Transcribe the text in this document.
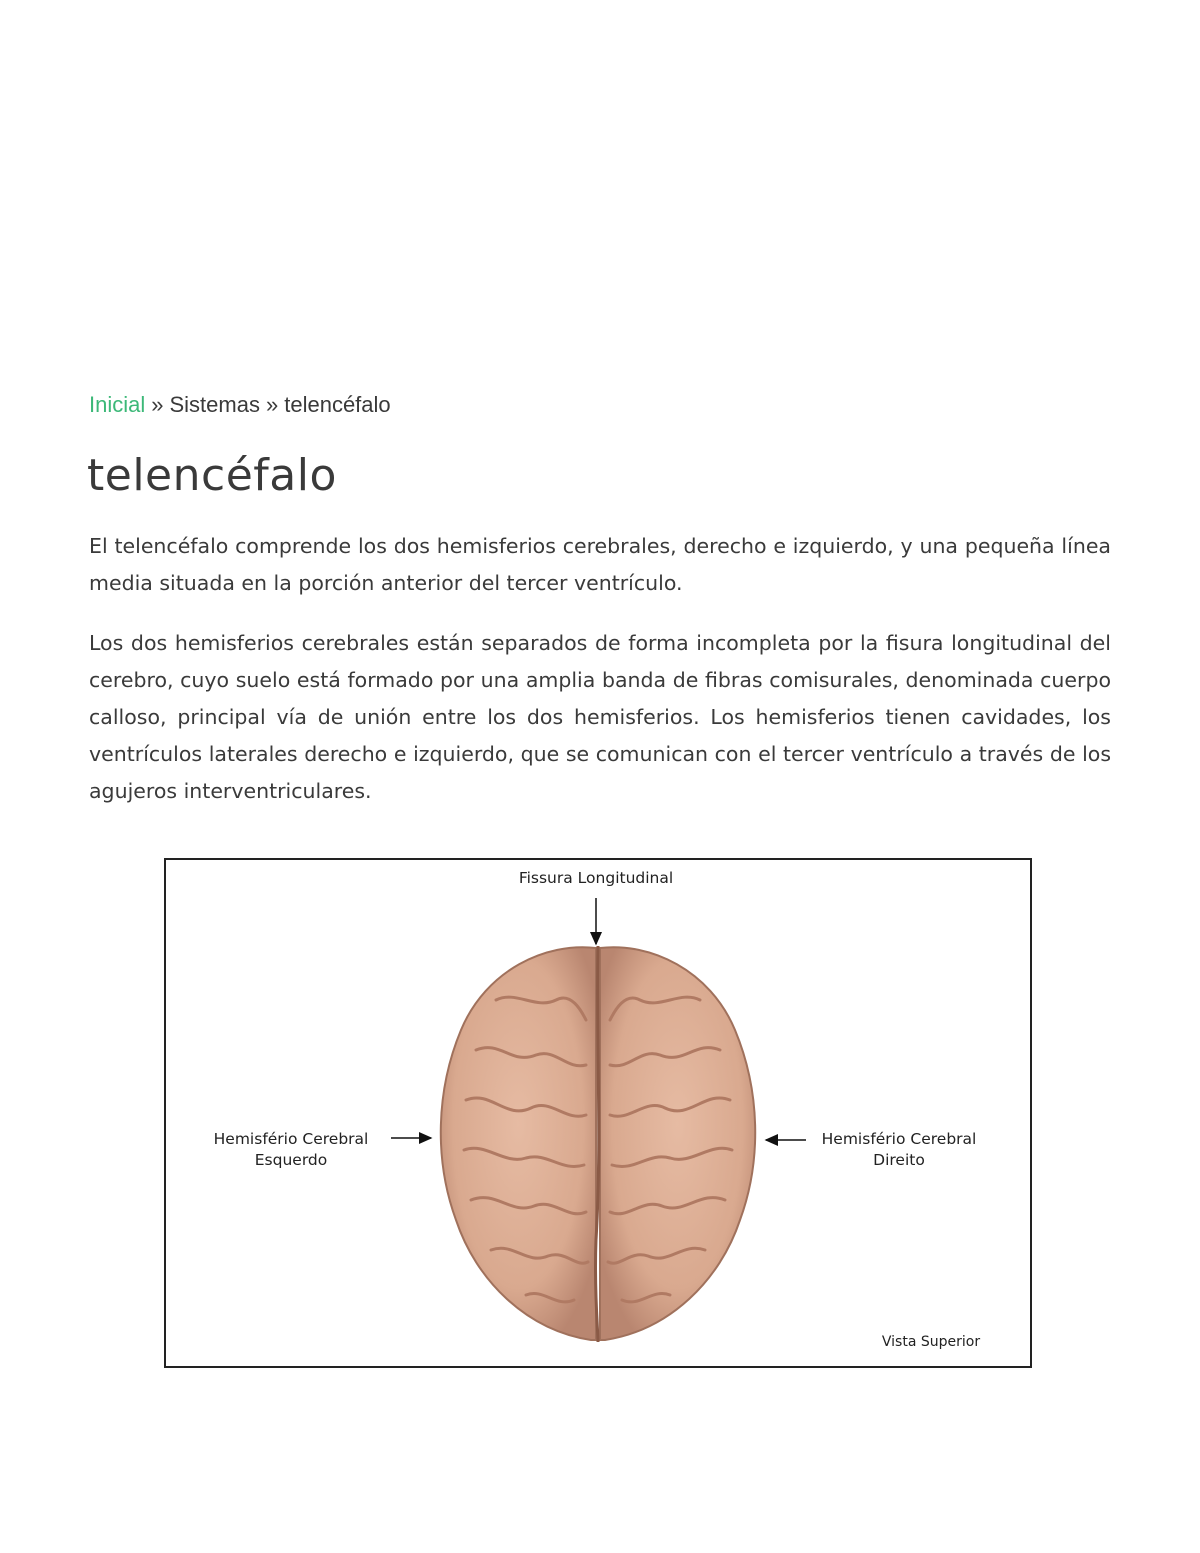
Inicial » Sistemas » telencéfalo
telencéfalo

El telencéfalo comprende los dos hemisferios cerebrales, derecho e izquierdo, y una pequeña línea media situada en la porción anterior del tercer ventrículo.

Los dos hemisferios cerebrales están separados de forma incompleta por la fisura longitudinal del cerebro, cuyo suelo está formado por una amplia banda de fibras comisurales, denominada cuerpo calloso, principal vía de unión entre los dos hemisferios. Los hemisferios tienen cavidades, los ventrículos laterales derecho e izquierdo, que se comunican con el tercer ventrículo a través de los agujeros interventriculares.

Fissura Longitudinal
Hemisfério Cerebral
Esquerdo
Hemisfério Cerebral
Direito
Vista Superior
